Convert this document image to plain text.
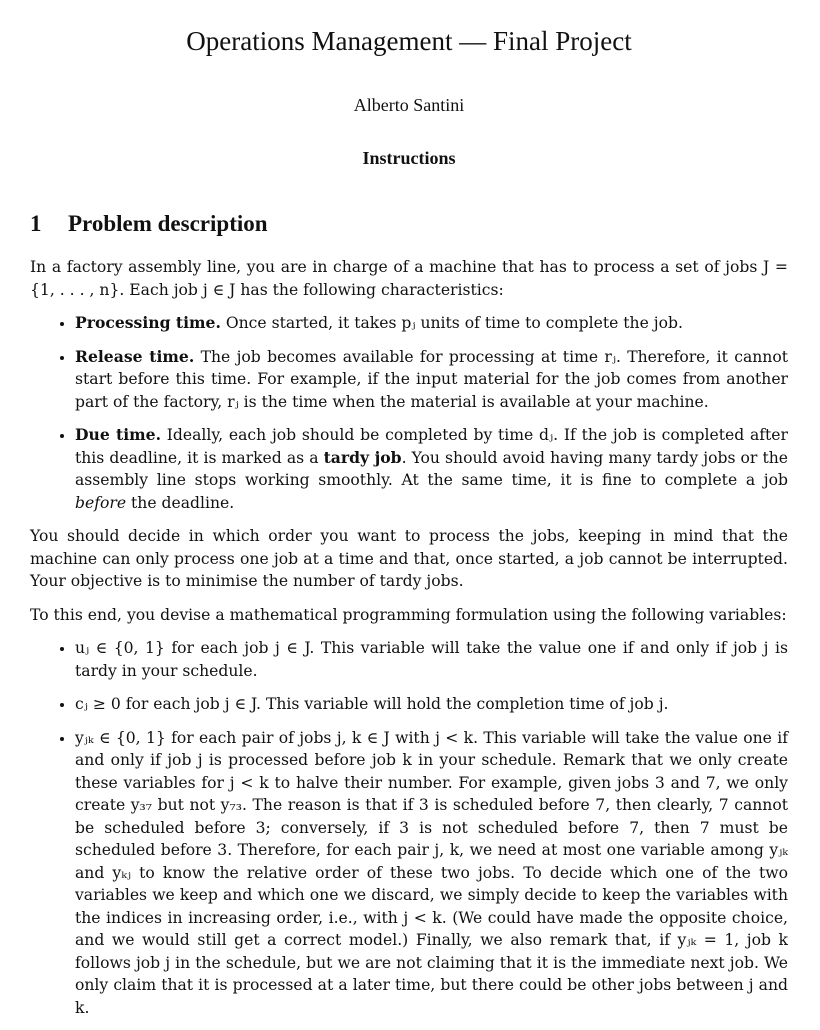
Operations Management — Final Project
Alberto Santini
Instructions
1 Problem description

In a factory assembly line, you are in charge of a machine that has to process a set of jobs J = {1, . . . , n}. Each job j ∈ J has the following characteristics:

• Processing time. Once started, it takes pⱼ units of time to complete the job.
• Release time. The job becomes available for processing at time rⱼ. Therefore, it cannot start before this time. For example, if the input material for the job comes from another part of the factory, rⱼ is the time when the material is available at your machine.
• Due time. Ideally, each job should be completed by time dⱼ. If the job is completed after this deadline, it is marked as a tardy job. You should avoid having many tardy jobs or the assembly line stops working smoothly. At the same time, it is fine to complete a job before the deadline.

You should decide in which order you want to process the jobs, keeping in mind that the machine can only process one job at a time and that, once started, a job cannot be interrupted. Your objective is to minimise the number of tardy jobs.

To this end, you devise a mathematical programming formulation using the following variables:

• uⱼ ∈ {0, 1} for each job j ∈ J. This variable will take the value one if and only if job j is tardy in your schedule.
• cⱼ ≥ 0 for each job j ∈ J. This variable will hold the completion time of job j.
• yⱼₖ ∈ {0, 1} for each pair of jobs j, k ∈ J with j < k. This variable will take the value one if and only if job j is processed before job k in your schedule. Remark that we only create these variables for j < k to halve their number. For example, given jobs 3 and 7, we only create y₃₇ but not y₇₃. The reason is that if 3 is scheduled before 7, then clearly, 7 cannot be scheduled before 3; conversely, if 3 is not scheduled before 7, then 7 must be scheduled before 3. Therefore, for each pair j, k, we need at most one variable among yⱼₖ and yₖⱼ to know the relative order of these two jobs. To decide which one of the two variables we keep and which one we discard, we simply decide to keep the variables with the indices in increasing order, i.e., with j < k. (We could have made the opposite choice, and we would still get a correct model.) Finally, we also remark that, if yⱼₖ = 1, job k follows job j in the schedule, but we are not claiming that it is the immediate next job. We only claim that it is processed at a later time, but there could be other jobs between j and k.
